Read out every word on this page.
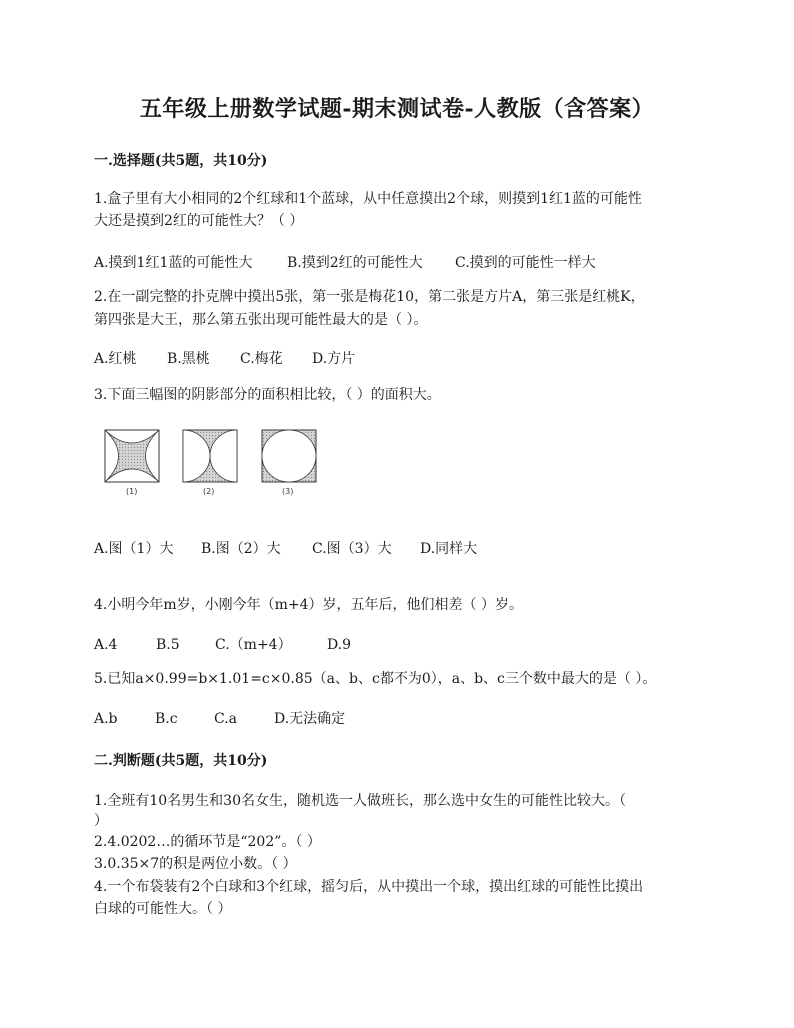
五年级上册数学试题-期末测试卷-人教版（含答案）
一.选择题(共5题，共10分)
1.盒子里有大小相同的2个红球和1个蓝球，从中任意摸出2个球，则摸到1红1蓝的可能性
大还是摸到2红的可能性大？（ ）
A.摸到1红1蓝的可能性大 B.摸到2红的可能性大 C.摸到的可能性一样大
2.在一副完整的扑克牌中摸出5张，第一张是梅花10，第二张是方片A，第三张是红桃K，
第四张是大王，那么第五张出现可能性最大的是（ ）。
A.红桃 B.黑桃 C.梅花 D.方片
3.下面三幅图的阴影部分的面积相比较，（ ）的面积大。
(1)	(2)	(3)
A.图（1）大 B.图（2）大 C.图（3）大 D.同样大
4.小明今年m岁，小刚今年（m+4）岁，五年后，他们相差（ ）岁。
A.4	B.5	C.（m+4）	D.9
5.已知a×0.99=b×1.01=c×0.85（a、b、c都不为0），a、b、c三个数中最大的是（ ）。
A.b	B.c	C.a	D.无法确定
二.判断题(共5题，共10分)
1.全班有10名男生和30名女生，随机选一人做班长，那么选中女生的可能性比较大。（
）
2.4.0202…的循环节是“202”。（ ）
3.0.35×7的积是两位小数。（ ）
4.一个布袋装有2个白球和3个红球，摇匀后，从中摸出一个球，摸出红球的可能性比摸出
白球的可能性大。（ ）
